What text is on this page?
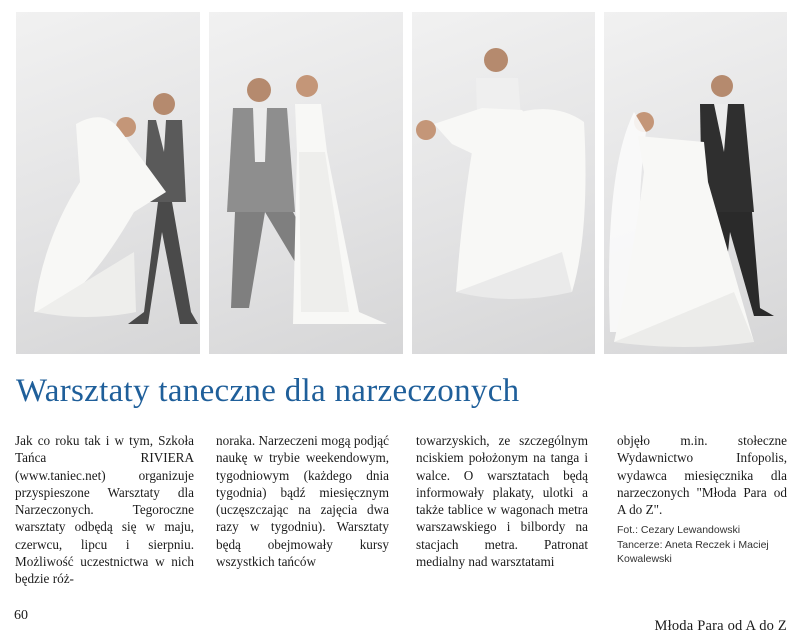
Warsztaty taneczne dla narzeczonych

Jak co roku tak i w tym, Szkoła Tańca RIVIERA (www.taniec.net) organizuje przyspieszone Warsztaty dla Narzeczonych. Tegoroczne warsztaty odbędą się w maju, czerwcu, lipcu i sierpniu. Możliwość uczestnictwa w nich będzie róż-

noraka. Narzeczeni mogą podjąć naukę w trybie weekendowym, tygodniowym (każdego dnia tygodnia) bądź miesięcznym (uczęszczając na zajęcia dwa razy w tygodniu). Warsztaty będą obejmowały kursy wszystkich tańców

towarzyskich, ze szczególnym nciskiem położonym na tanga i walce. O warsztatach będą informowały plakaty, ulotki a także tablice w wagonach metra warszawskiego i bilbordy na stacjach metra. Patronat medialny nad warsztatami

objęło m.in. stołeczne Wydawnictwo Infopolis, wydawca miesięcznika dla narzeczonych "Młoda Para od A do Z".

Fot.: Cezary Lewandowski
Tancerze: Aneta Reczek i Maciej Kowalewski
60
Młoda Para od A do Z
